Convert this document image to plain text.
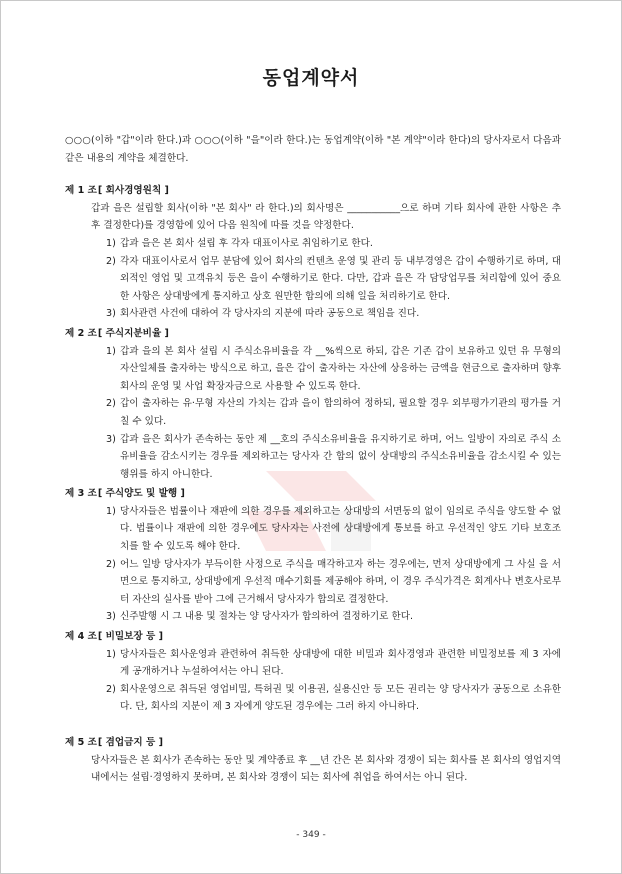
동업계약서
○○○(이하 "갑"이라 한다.)과 ○○○(이하 "을"이라 한다.)는 동업계약(이하 "본 계약"이라 한다)의 당사자로서 다음과 같은 내용의 계약을 체결한다.
제 1 조[ 회사경영원칙 ]
갑과 을은 설립할 회사(이하 "본 회사" 라 한다.)의 회사명은 ___________으로 하며 기타 회사에 관한 사항은 추후 결정한다)를 경영함에 있어 다음 원칙에 따를 것을 약정한다.
1) 갑과 을은 본 회사 설립 후 각자 대표이사로 취임하기로 한다.
2) 각자 대표이사로서 업무 분담에 있어 회사의 컨텐츠 운영 및 관리 등 내부경영은 갑이 수행하기로 하며, 대외적인 영업 및 고객유치 등은 을이 수행하기로 한다. 다만, 갑과 을은 각 담당업무를 처리함에 있어 중요한 사항은 상대방에게 통지하고 상호 원만한 합의에 의해 일을 처리하기로 한다.
3) 회사관련 사건에 대하여 각 당사자의 지분에 따라 공동으로 책임을 진다.
제 2 조[ 주식지분비율 ]
1) 갑과 을의 본 회사 설립 시 주식소유비율을 각 __%씩으로 하되, 갑은 기존 갑이 보유하고 있던 유 무형의 자산일체를 출자하는 방식으로 하고, 을은 갑이 출자하는 자산에 상응하는 금액을 현금으로 출자하며 향후 회사의 운영 및 사업 확장자금으로 사용할 수 있도록 한다.
2) 갑이 출자하는 유·무형 자산의 가치는 갑과 을이 합의하여 정하되, 필요할 경우 외부평가기관의 평가를 거칠 수 있다.
3) 갑과 을은 회사가 존속하는 동안 제 __호의 주식소유비율을 유지하기로 하며, 어느 일방이 자의로 주식 소유비율을 감소시키는 경우를 제외하고는 당사자 간 합의 없이 상대방의 주식소유비율을 감소시킬 수 있는 행위를 하지 아니한다.
제 3 조[ 주식양도 및 발행 ]
1) 당사자들은 법률이나 재판에 의한 경우를 제외하고는 상대방의 서면동의 없이 임의로 주식을 양도할 수 없다. 법률이나 재판에 의한 경우에도 당사자는 사전에 상대방에게 통보를 하고 우선적인 양도 기타 보호조치를 할 수 있도록 해야 한다.
2) 어느 일방 당사자가 부득이한 사정으로 주식을 매각하고자 하는 경우에는, 먼저 상대방에게 그 사실 을 서면으로 통지하고, 상대방에게 우선적 매수기회를 제공해야 하며, 이 경우 주식가격은 회계사나 변호사로부터 자산의 실사를 받아 그에 근거해서 당사자가 합의로 결정한다.
3) 신주발행 시 그 내용 및 절차는 양 당사자가 합의하여 결정하기로 한다.
제 4 조[ 비밀보장 등 ]
1) 당사자들은 회사운영과 관련하여 취득한 상대방에 대한 비밀과 회사경영과 관련한 비밀정보를 제 3 자에게 공개하거나 누설하여서는 아니 된다.
2) 회사운영으로 취득된 영업비밀, 특허권 및 이용권, 실용신안 등 모든 권리는 양 당사자가 공동으로 소유한다. 단, 회사의 지분이 제 3 자에게 양도된 경우에는 그러 하지 아니하다.
제 5 조[ 겸업금지 등 ]
당사자들은 본 회사가 존속하는 동안 및 계약종료 후 __년 간은 본 회사와 경쟁이 되는 회사를 본 회사의 영업지역 내에서는 설립·경영하지 못하며, 본 회사와 경쟁이 되는 회사에 취업을 하여서는 아니 된다.
- 349 -
